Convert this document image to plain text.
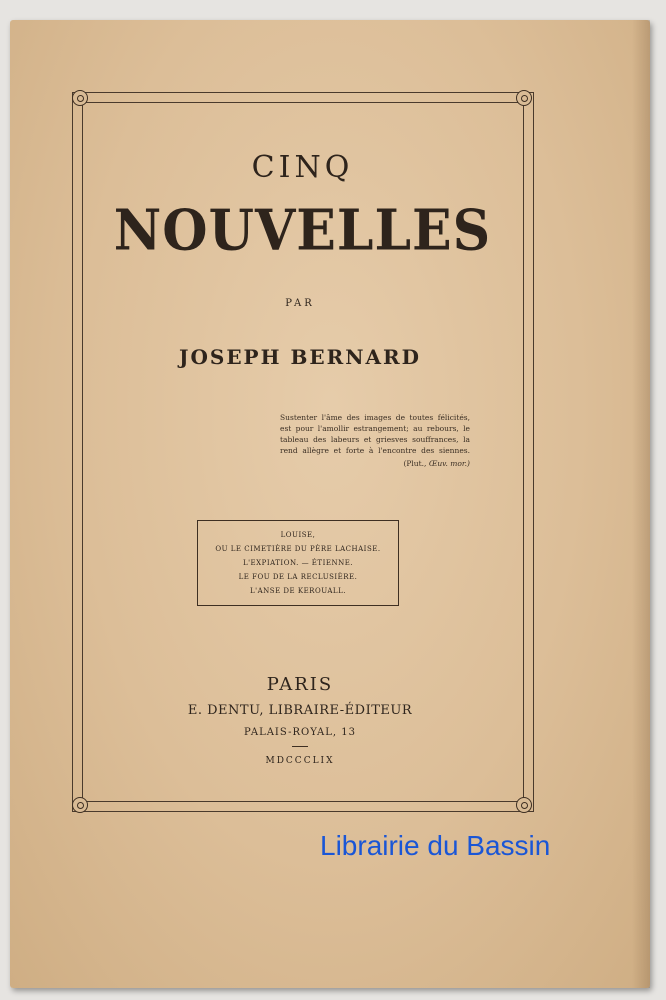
CINQ
NOUVELLES
PAR
JOSEPH BERNARD
Sustenter l'âme des images de toutes félicités,
est pour l'amollir estrangement; au rebours, le
tableau des labeurs et griesves souffrances, la
rend allègre et forte à l'encontre des siennes.
(Plut., Œuv. mor.)
LOUISE,
OU LE CIMETIÈRE DU PÈRE LACHAISE.
L'EXPIATION. — ÉTIENNE.
LE FOU DE LA RECLUSIÈRE.
L'ANSE DE KEROUALL.
PARIS
E. DENTU, LIBRAIRE-ÉDITEUR
PALAIS-ROYAL, 13
MDCCCLIX
Librairie du Bassin
